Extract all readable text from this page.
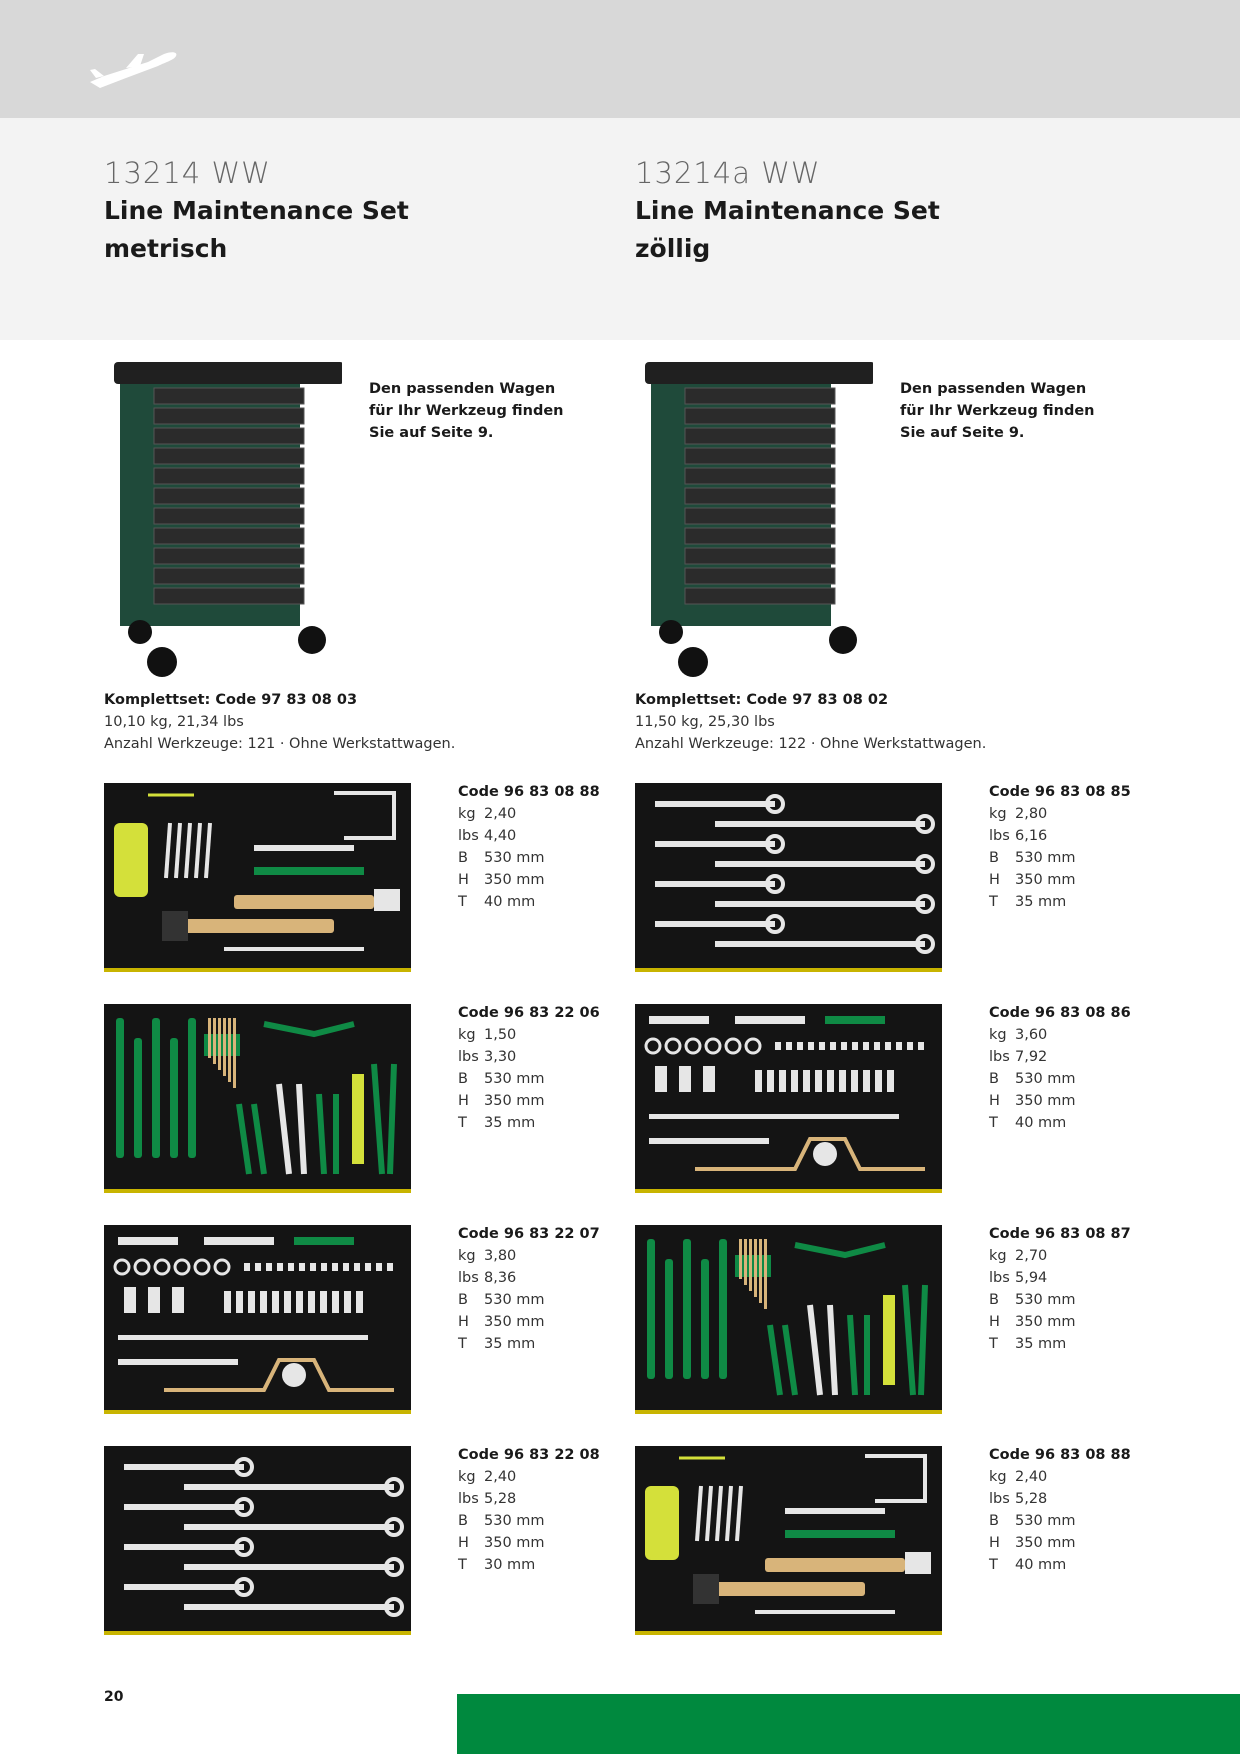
13214 WW
Line Maintenance Set
metrisch
Den passenden Wagen
für Ihr Werkzeug finden
Sie auf Seite 9.
Komplettset: Code 97 83 08 03
10,10 kg, 21,34 lbs
Anzahl Werkzeuge: 121 · Ohne Werkstattwagen.
13214a WW
Line Maintenance Set
zöllig
Den passenden Wagen
für Ihr Werkzeug finden
Sie auf Seite 9.
Komplettset: Code 97 83 08 02
11,50 kg, 25,30 lbs
Anzahl Werkzeuge: 122 · Ohne Werkstattwagen.
Code 96 83 08 88
kg 2,40
lbs 4,40
B	530 mm
H	350 mm
T	40 mm
Code 96 83 22 06
kg 1,50
lbs 3,30
B	530 mm
H	350 mm
T	35 mm
Code 96 83 22 07
kg 3,80
lbs 8,36
B	530 mm
H	350 mm
T	35 mm
Code 96 83 22 08
kg 2,40
lbs 5,28
B	530 mm
H	350 mm
T	30 mm
Code 96 83 08 85
kg 2,80
lbs 6,16
B	530 mm
H	350 mm
T	35 mm
Code 96 83 08 86
kg 3,60
lbs 7,92
B	530 mm
H	350 mm
T	40 mm
Code 96 83 08 87
kg 2,70
lbs 5,94
B	530 mm
H	350 mm
T	35 mm
Code 96 83 08 88
kg 2,40
lbs 5,28
B	530 mm
H	350 mm
T	40 mm
20
